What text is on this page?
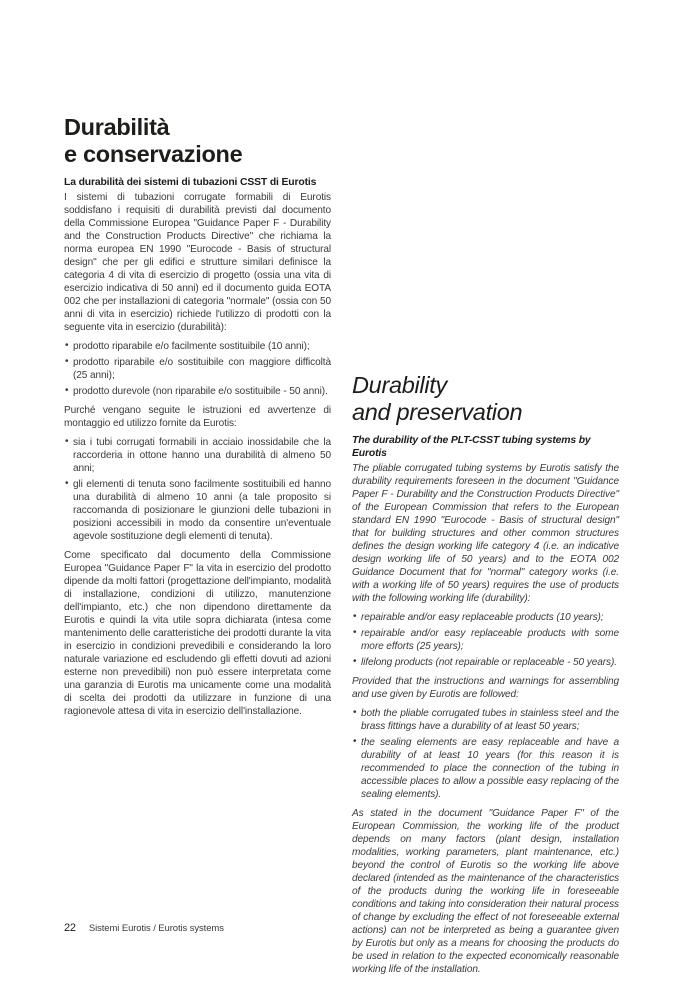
Durabilità
e conservazione
La durabilità dei sistemi di tubazioni CSST di Eurotis

I sistemi di tubazioni corrugate formabili di Eurotis soddisfano i requisiti di durabilità previsti dal documento della Commissione Europea "Guidance Paper F - Durability and the Construction Products Directive" che richiama la norma europea EN 1990 "Eurocode - Basis of structural design" che per gli edifici e strutture similari definisce la categoria 4 di vita di esercizio di progetto (ossia una vita di esercizio indicativa di 50 anni) ed il documento guida EOTA 002 che per installazioni di categoria "normale" (ossia con 50 anni di vita in esercizio) richiede l'utilizzo di prodotti con la seguente vita in esercizio (durabilità):

• prodotto riparabile e/o facilmente sostituibile (10 anni);
• prodotto riparabile e/o sostituibile con maggiore difficoltà (25 anni);
• prodotto durevole (non riparabile e/o sostituibile - 50 anni).

Purché vengano seguite le istruzioni ed avvertenze di montaggio ed utilizzo fornite da Eurotis:

• sia i tubi corrugati formabili in acciaio inossidabile che la raccorderia in ottone hanno una durabilità di almeno 50 anni;
• gli elementi di tenuta sono facilmente sostituibili ed hanno una durabilità di almeno 10 anni (a tale proposito si raccomanda di posizionare le giunzioni delle tubazioni in posizioni accessibili in modo da consentire un'eventuale agevole sostituzione degli elementi di tenuta).

Come specificato dal documento della Commissione Europea "Guidance Paper F" la vita in esercizio del prodotto dipende da molti fattori (progettazione dell'impianto, modalità di installazione, condizioni di utilizzo, manutenzione dell'impianto, etc.) che non dipendono direttamente da Eurotis e quindi la vita utile sopra dichiarata (intesa come mantenimento delle caratteristiche dei prodotti durante la vita in esercizio in condizioni prevedibili e considerando la loro naturale variazione ed escludendo gli effetti dovuti ad azioni esterne non prevedibili) non può essere interpretata come una garanzia di Eurotis ma unicamente come una modalità di scelta dei prodotti da utilizzare in funzione di una ragionevole attesa di vita in esercizio dell'installazione.

Durability
and preservation
The durability of the PLT-CSST tubing systems by Eurotis

The pliable corrugated tubing systems by Eurotis satisfy the durability requirements foreseen in the document "Guidance Paper F - Durability and the Construction Products Directive" of the European Commission that refers to the European standard EN 1990 "Eurocode - Basis of structural design" that for building structures and other common structures defines the design working life category 4 (i.e. an indicative design working life of 50 years) and to the EOTA 002 Guidance Document that for "normal" category works (i.e. with a working life of 50 years) requires the use of products with the following working life (durability):

• repairable and/or easy replaceable products (10 years);
• repairable and/or easy replaceable products with some more efforts (25 years);
• lifelong products (not repairable or replaceable - 50 years).

Provided that the instructions and warnings for assembling and use given by Eurotis are followed:

• both the pliable corrugated tubes in stainless steel and the brass fittings have a durability of at least 50 years;
• the sealing elements are easy replaceable and have a durability of at least 10 years (for this reason it is recommended to place the connection of the tubing in accessible places to allow a possible easy replacing of the sealing elements).

As stated in the document "Guidance Paper F" of the European Commission, the working life of the product depends on many factors (plant design, installation modalities, working parameters, plant maintenance, etc.) beyond the control of Eurotis so the working life above declared (intended as the maintenance of the characteristics of the products during the working life in foreseeable conditions and taking into consideration their natural process of change by excluding the effect of not foreseeable external actions) can not be interpreted as being a guarantee given by Eurotis but only as a means for choosing the products do be used in relation to the expected economically reasonable working life of the installation.

22 Sistemi Eurotis / Eurotis systems
